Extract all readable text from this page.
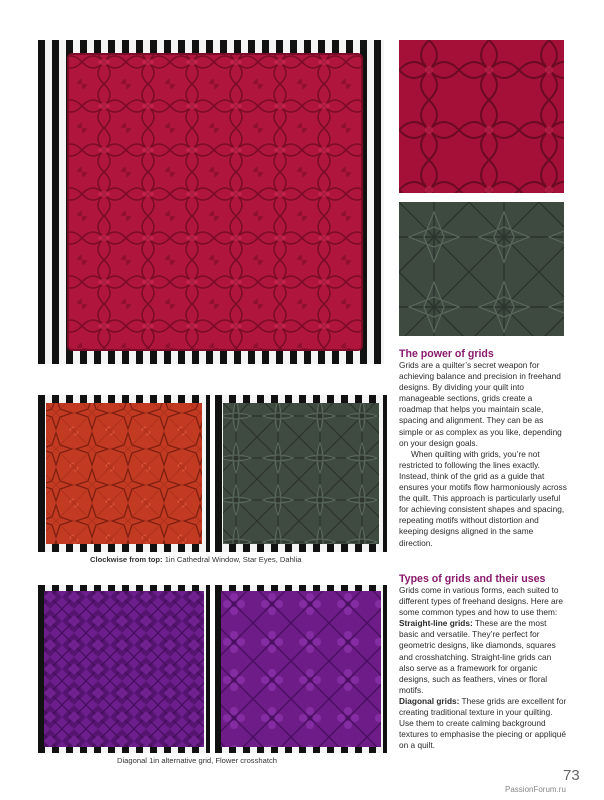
Clockwise from top: 1in Cathedral Window, Star Eyes, Dahlia
Diagonal 1in alternative grid, Flower crosshatch
The power of grids

Grids are a quilter’s secret weapon for achieving balance and precision in freehand designs. By dividing your quilt into manageable sections, grids create a roadmap that helps you maintain scale, spacing and alignment. They can be as simple or as complex as you like, depending on your design goals.

When quilting with grids, you’re not restricted to following the lines exactly. Instead, think of the grid as a guide that ensures your motifs flow harmoniously across the quilt. This approach is particularly useful for achieving consistent shapes and spacing, repeating motifs without distortion and keeping designs aligned in the same direction.

Types of grids and their uses

Grids come in various forms, each suited to different types of freehand designs. Here are some common types and how to use them:

Straight-line grids: These are the most basic and versatile. They’re perfect for geometric designs, like diamonds, squares and crosshatching. Straight-line grids can also serve as a framework for organic designs, such as feathers, vines or floral motifs.

Diagonal grids: These grids are excellent for creating traditional texture in your quilting. Use them to create calming background textures to emphasise the piecing or appliqué on a quilt.

73
PassionForum.ru
